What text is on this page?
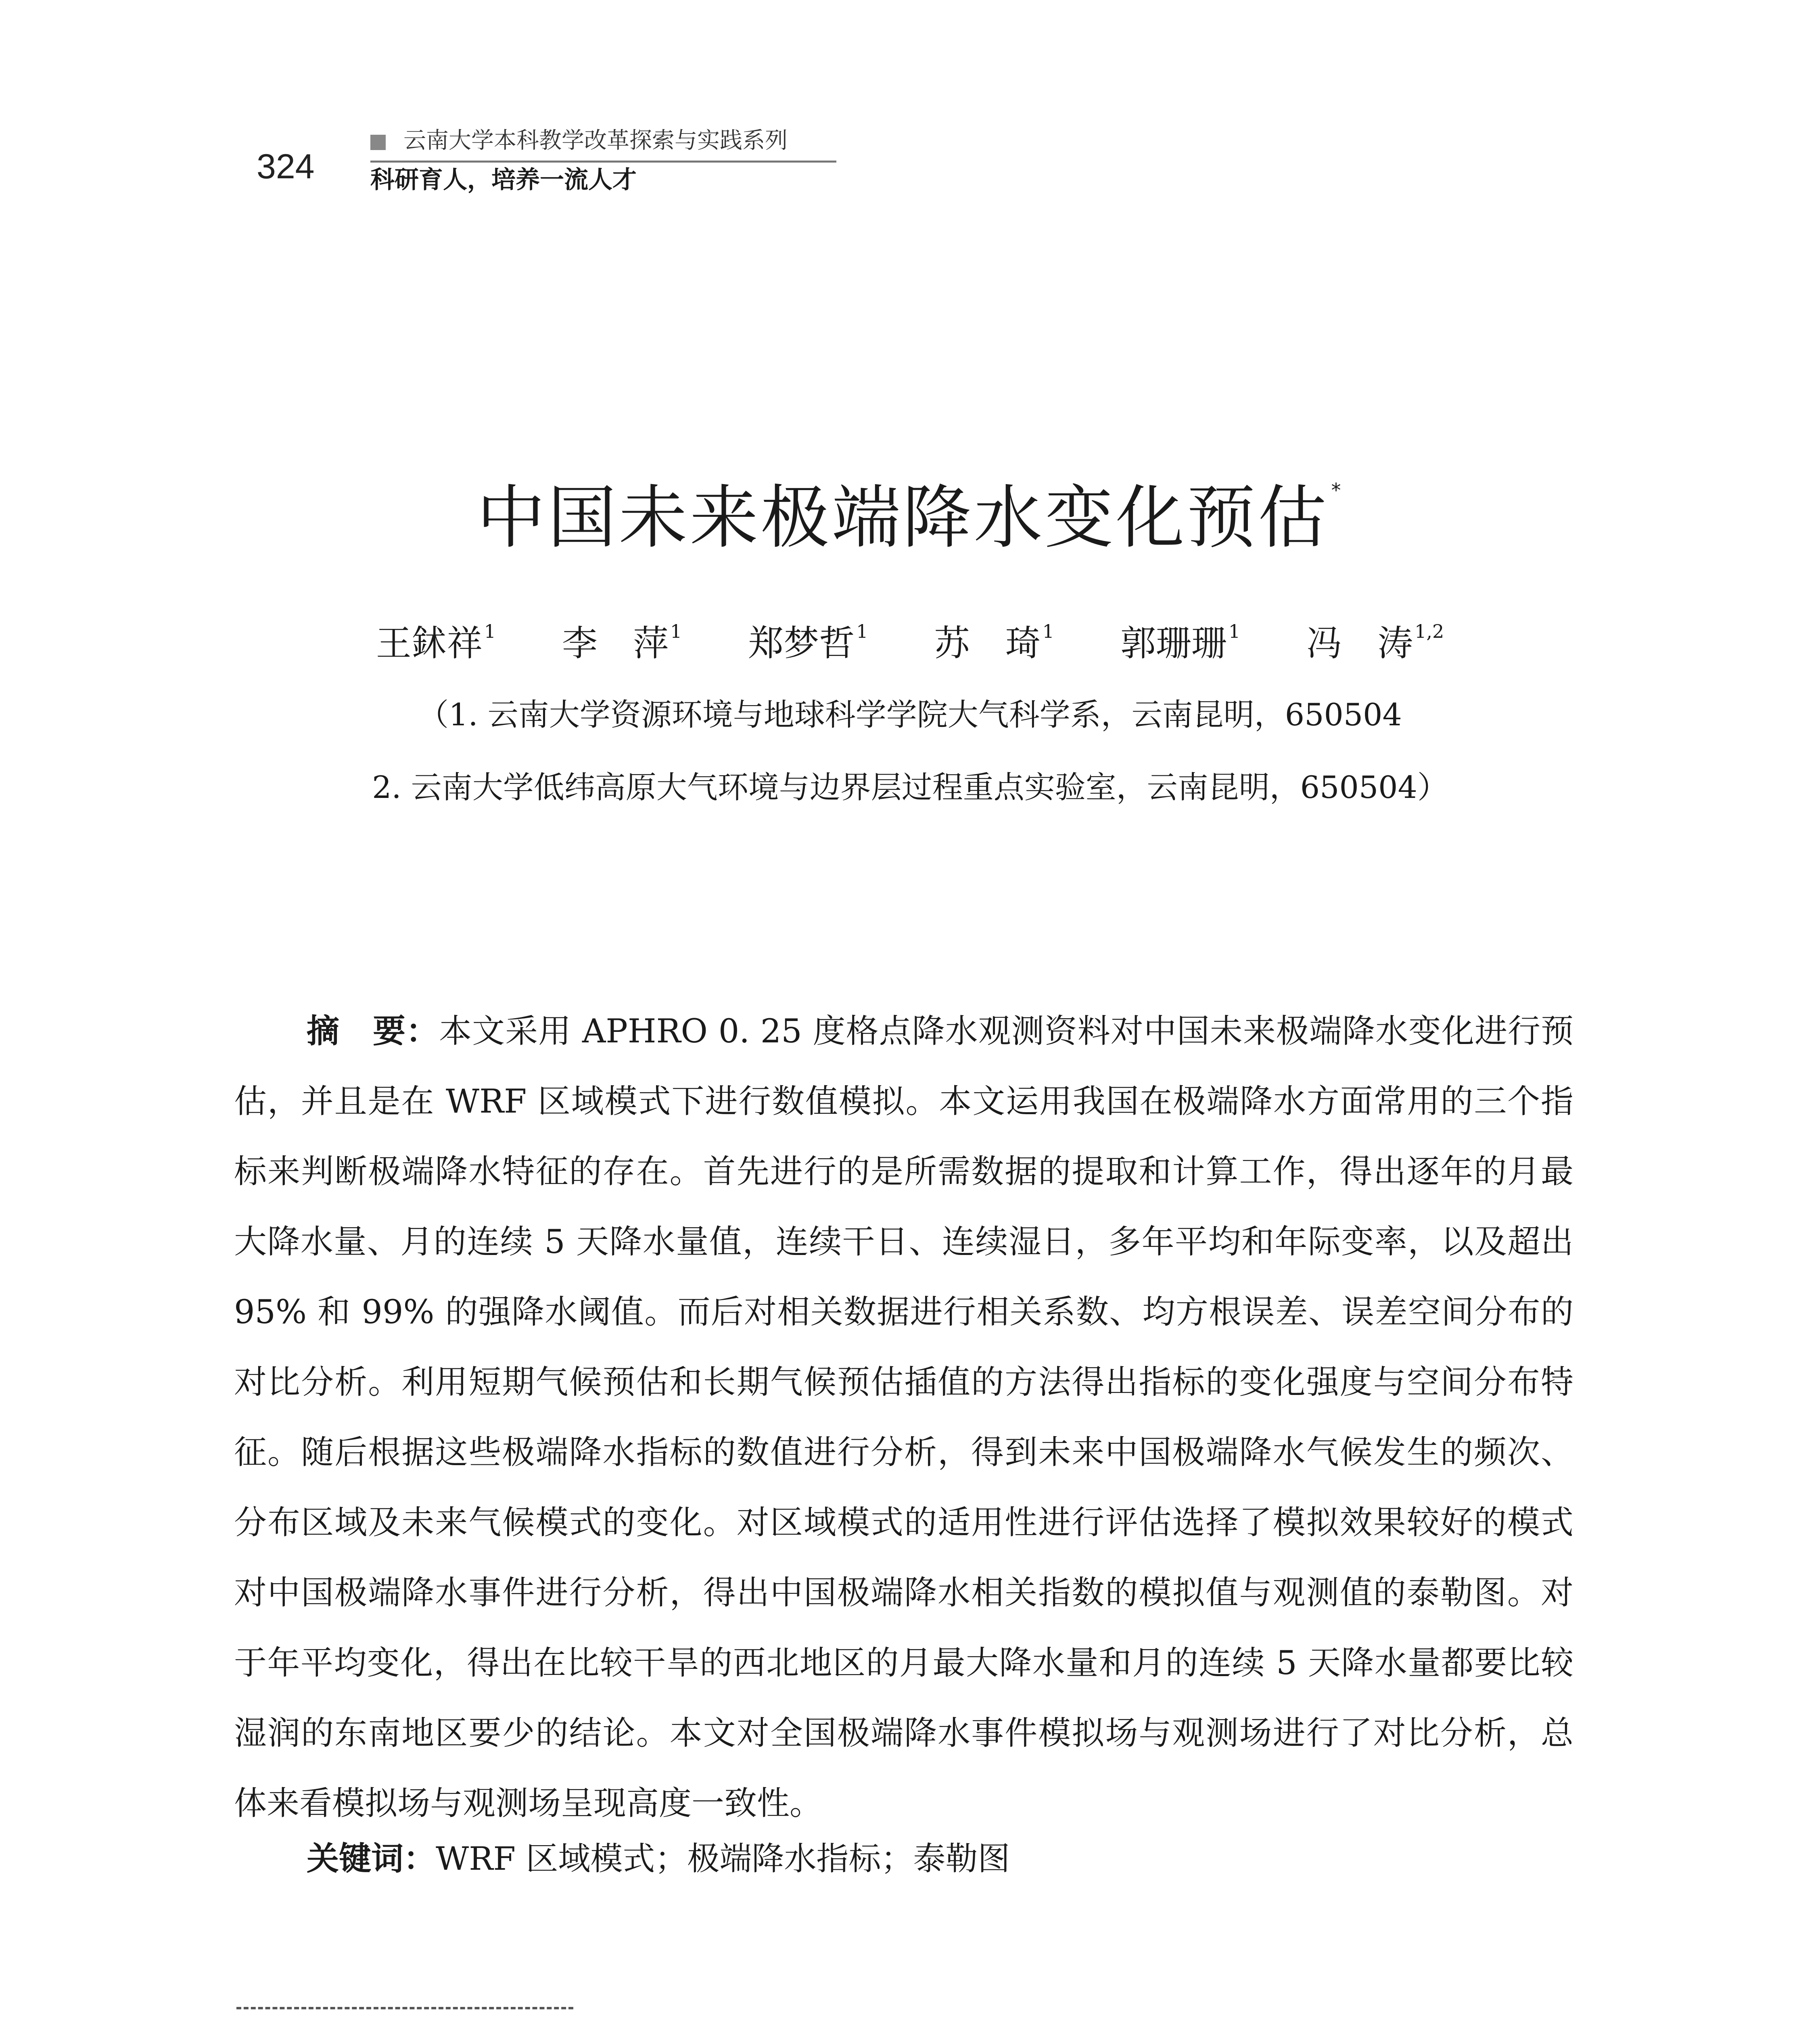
324
云南大学本科教学改革探索与实践系列
科研育人，培养一流人才
中国未来极端降水变化预估 *
王鉥祥$^1$ 李　萍$^1$ 郑梦哲$^1$ 苏　琦$^1$ 郭珊珊$^1$ 冯　涛$^{1,2}$
（1. 云南大学资源环境与地球科学学院大气科学系，云南昆明，650504
2. 云南大学低纬高原大气环境与边界层过程重点实验室，云南昆明，650504）
摘　要：本文采用 APHRO 0. 25 度格点降水观测资料对中国未来极端降水变化进行预估，并且是在 WRF 区域模式下进行数值模拟。本文运用我国在极端降水方面常用的三个指标来判断极端降水特征的存在。首先进行的是所需数据的提取和计算工作，得出逐年的月最大降水量、月的连续 5 天降水量值，连续干日、连续湿日，多年平均和年际变率，以及超出 95% 和 99% 的强降水阈值。而后对相关数据进行相关系数、均方根误差、误差空间分布的对比分析。利用短期气候预估和长期气候预估插值的方法得出指标的变化强度与空间分布特征。随后根据这些极端降水指标的数值进行分析，得到未来中国极端降水气候发生的频次、分布区域及未来气候模式的变化。对区域模式的适用性进行评估选择了模拟效果较好的模式对中国极端降水事件进行分析，得出中国极端降水相关指数的模拟值与观测值的泰勒图。对于年平均变化，得出在比较干旱的西北地区的月最大降水量和月的连续 5 天降水量都要比较湿润的东南地区要少的结论。本文对全国极端降水事件模拟场与观测场进行了对比分析，总体来看模拟场与观测场呈现高度一致性。
关键词：WRF 区域模式；极端降水指标；泰勒图
